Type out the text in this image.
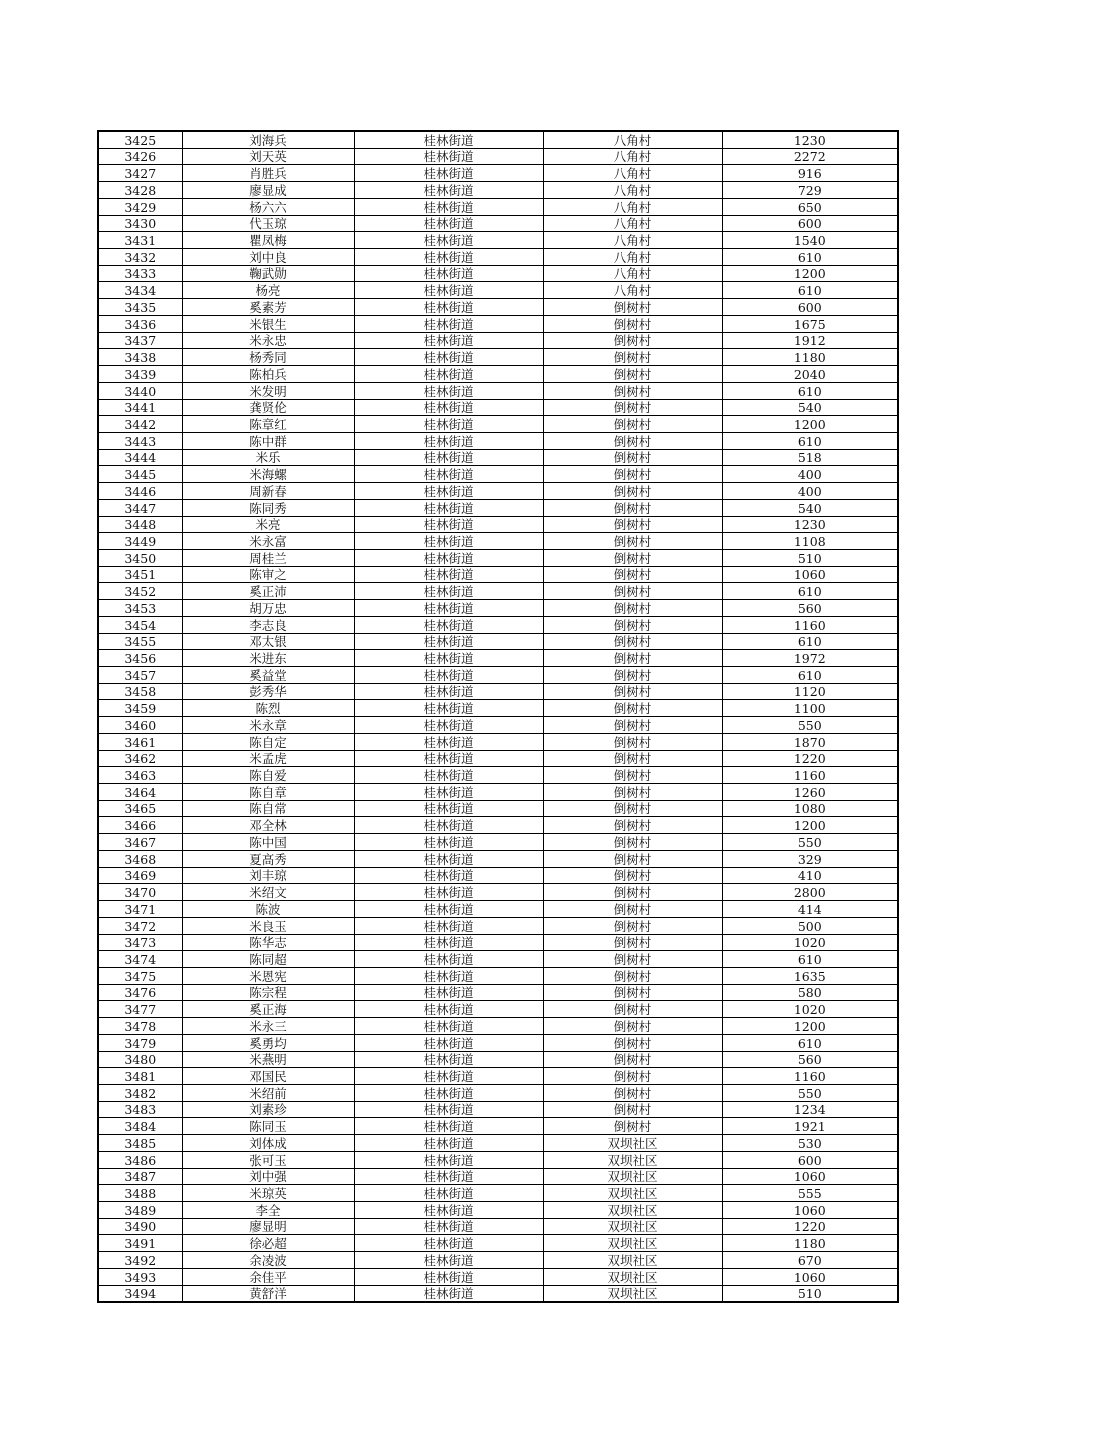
3425	刘海兵	桂林街道	八角村	1230
3426	刘天英	桂林街道	八角村	2272
3427	肖胜兵	桂林街道	八角村	916
3428	廖显成	桂林街道	八角村	729
3429	杨六六	桂林街道	八角村	650
3430	代玉琼	桂林街道	八角村	600
3431	瞿凤梅	桂林街道	八角村	1540
3432	刘中良	桂林街道	八角村	610
3433	鞠武勋	桂林街道	八角村	1200
3434	杨亮	桂林街道	八角村	610
3435	奚素芳	桂林街道	倒树村	600
3436	米银生	桂林街道	倒树村	1675
3437	米永忠	桂林街道	倒树村	1912
3438	杨秀同	桂林街道	倒树村	1180
3439	陈柏兵	桂林街道	倒树村	2040
3440	米发明	桂林街道	倒树村	610
3441	龚贤伦	桂林街道	倒树村	540
3442	陈章红	桂林街道	倒树村	1200
3443	陈中群	桂林街道	倒树村	610
3444	米乐	桂林街道	倒树村	518
3445	米海螺	桂林街道	倒树村	400
3446	周新春	桂林街道	倒树村	400
3447	陈同秀	桂林街道	倒树村	540
3448	米亮	桂林街道	倒树村	1230
3449	米永富	桂林街道	倒树村	1108
3450	周桂兰	桂林街道	倒树村	510
3451	陈审之	桂林街道	倒树村	1060
3452	奚正沛	桂林街道	倒树村	610
3453	胡万忠	桂林街道	倒树村	560
3454	李志良	桂林街道	倒树村	1160
3455	邓太银	桂林街道	倒树村	610
3456	米进东	桂林街道	倒树村	1972
3457	奚益堂	桂林街道	倒树村	610
3458	彭秀华	桂林街道	倒树村	1120
3459	陈烈	桂林街道	倒树村	1100
3460	米永章	桂林街道	倒树村	550
3461	陈自定	桂林街道	倒树村	1870
3462	米孟虎	桂林街道	倒树村	1220
3463	陈自爱	桂林街道	倒树村	1160
3464	陈自章	桂林街道	倒树村	1260
3465	陈自常	桂林街道	倒树村	1080
3466	邓全林	桂林街道	倒树村	1200
3467	陈中国	桂林街道	倒树村	550
3468	夏高秀	桂林街道	倒树村	329
3469	刘丰琼	桂林街道	倒树村	410
3470	米绍文	桂林街道	倒树村	2800
3471	陈波	桂林街道	倒树村	414
3472	米良玉	桂林街道	倒树村	500
3473	陈华志	桂林街道	倒树村	1020
3474	陈同超	桂林街道	倒树村	610
3475	米恩宪	桂林街道	倒树村	1635
3476	陈宗程	桂林街道	倒树村	580
3477	奚正海	桂林街道	倒树村	1020
3478	米永三	桂林街道	倒树村	1200
3479	奚勇均	桂林街道	倒树村	610
3480	米燕明	桂林街道	倒树村	560
3481	邓国民	桂林街道	倒树村	1160
3482	米绍前	桂林街道	倒树村	550
3483	刘素珍	桂林街道	倒树村	1234
3484	陈同玉	桂林街道	倒树村	1921
3485	刘体成	桂林街道	双坝社区	530
3486	张可玉	桂林街道	双坝社区	600
3487	刘中强	桂林街道	双坝社区	1060
3488	米琼英	桂林街道	双坝社区	555
3489	李全	桂林街道	双坝社区	1060
3490	廖显明	桂林街道	双坝社区	1220
3491	徐必超	桂林街道	双坝社区	1180
3492	余凌波	桂林街道	双坝社区	670
3493	余佳平	桂林街道	双坝社区	1060
3494	黄舒洋	桂林街道	双坝社区	510
